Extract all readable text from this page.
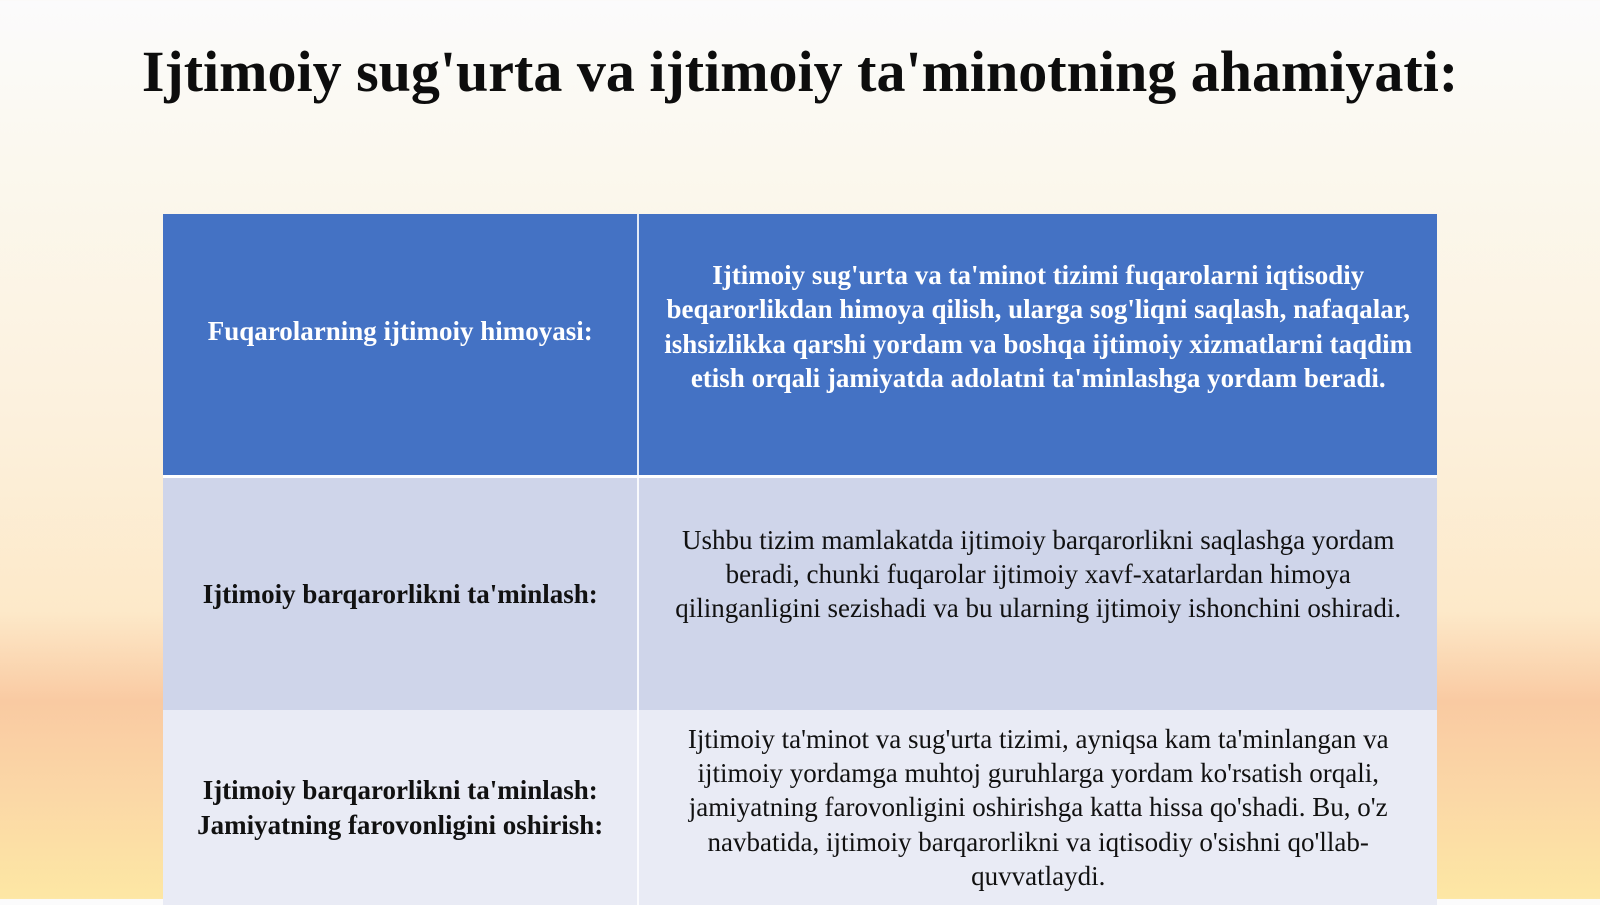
Ijtimoiy sug'urta va ijtimoiy ta'minotning ahamiyati:
Fuqarolarning ijtimoiy himoyasi:	Ijtimoiy sug'urta va ta'minot tizimi fuqarolarni iqtisodiy beqarorlikdan himoya qilish, ularga sog'liqni saqlash, nafaqalar, ishsizlikka qarshi yordam va boshqa ijtimoiy xizmatlarni taqdim etish orqali jamiyatda adolatni ta'minlashga yordam beradi.

Ijtimoiy barqarorlikni ta'minlash:	Ushbu tizim mamlakatda ijtimoiy barqarorlikni saqlashga yordam beradi, chunki fuqarolar ijtimoiy xavf-xatarlardan himoya qilinganligini sezishadi va bu ularning ijtimoiy ishonchini oshiradi.

Ijtimoiy barqarorlikni ta'minlash:
Jamiyatning farovonligini oshirish:	Ijtimoiy ta'minot va sug'urta tizimi, ayniqsa kam ta'minlangan va ijtimoiy yordamga muhtoj guruhlarga yordam ko'rsatish orqali, jamiyatning farovonligini oshirishga katta hissa qo'shadi. Bu, o'z navbatida, ijtimoiy barqarorlikni va iqtisodiy o'sishni qo'llab-quvvatlaydi.
